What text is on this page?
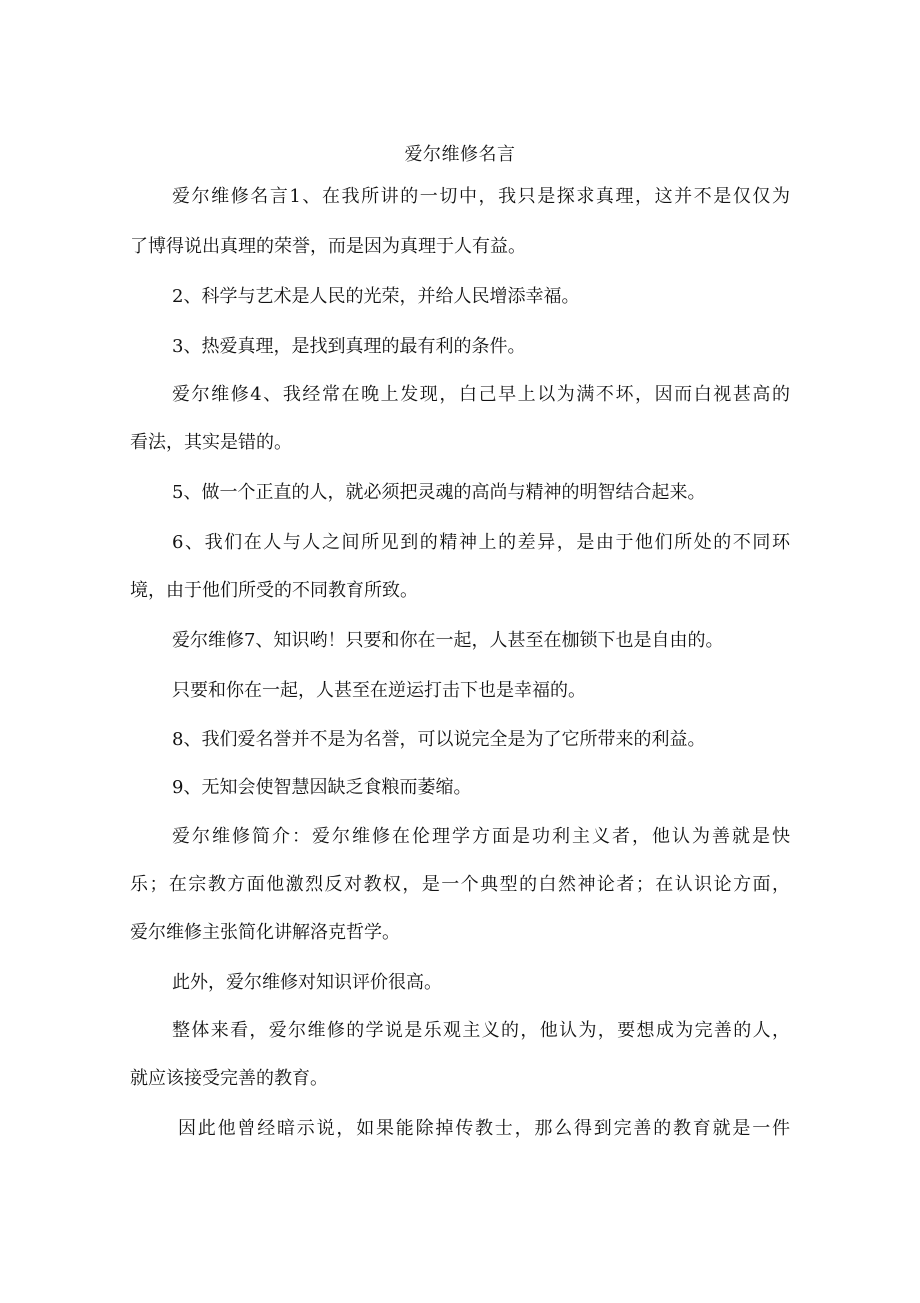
爱尔维修名言
爱尔维修名言1、在我所讲的一切中，我只是探求真理，这并不是仅仅为
了博得说出真理的荣誉，而是因为真理于人有益。
2、科学与艺术是人民的光荣，并给人民增添幸福。
3、热爱真理，是找到真理的最有利的条件。
爱尔维修4、我经常在晚上发现，白己早上以为满不坏，因而白视甚高的
看法，其实是错的。
5、做一个正直的人，就必须把灵魂的高尚与精神的明智结合起来。
6、我们在人与人之间所见到的精神上的差异，是由于他们所处的不同环
境，由于他们所受的不同教育所致。
爱尔维修7、知识哟！只要和你在一起，人甚至在枷锁下也是自由的。
只要和你在一起，人甚至在逆运打击下也是幸福的。
8、我们爱名誉并不是为名誉，可以说完全是为了它所带来的利益。
9、无知会使智慧因缺乏食粮而萎缩。
爱尔维修简介：爱尔维修在伦理学方面是功利主义者，他认为善就是快
乐；在宗教方面他激烈反对教权，是一个典型的白然神论者；在认识论方面，
爱尔维修主张简化讲解洛克哲学。
此外，爱尔维修对知识评价很高。
整体来看，爱尔维修的学说是乐观主义的，他认为，要想成为完善的人，
就应该接受完善的教育。
因此他曾经暗示说，如果能除掉传教士，那么得到完善的教育就是一件
